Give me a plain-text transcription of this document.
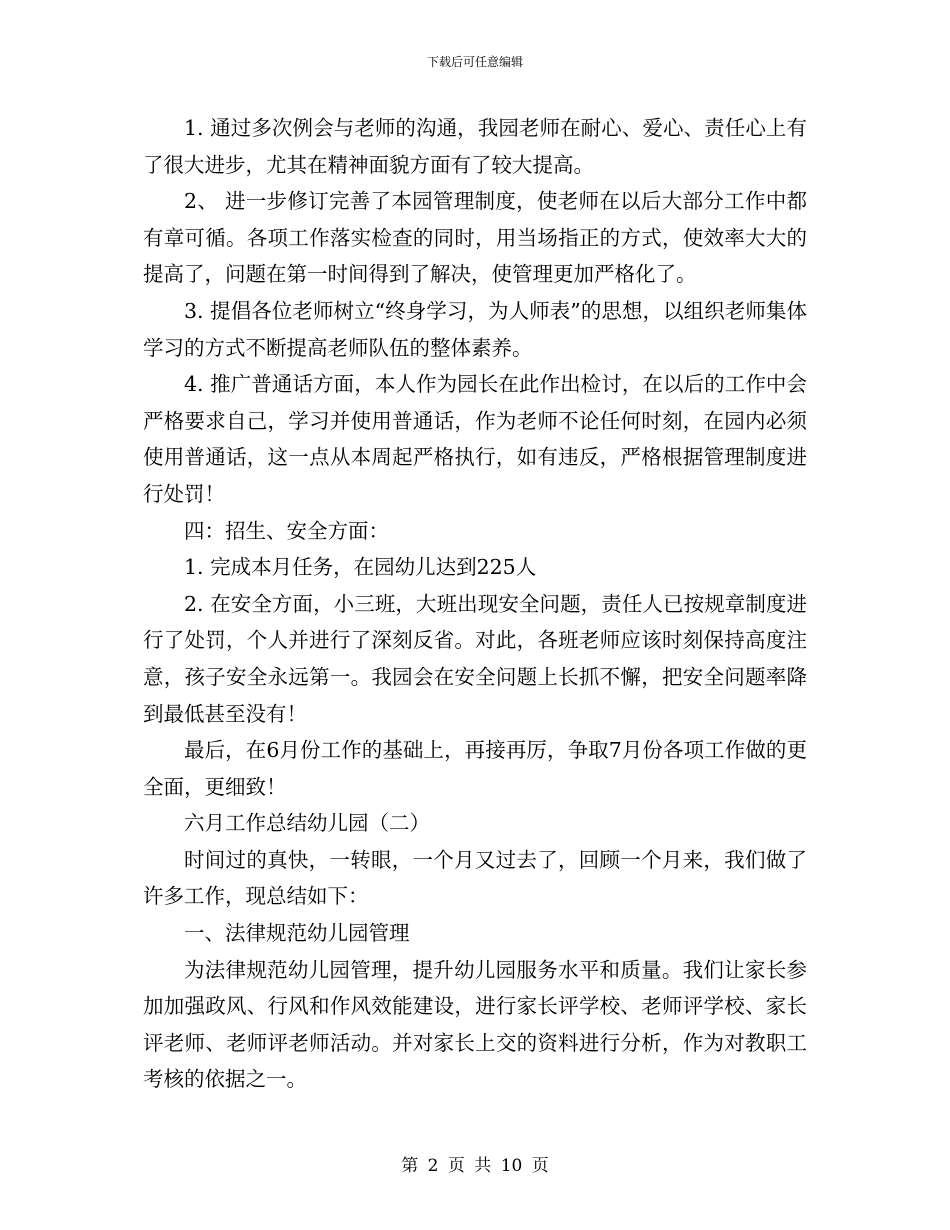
下载后可任意编辑

1. 通过多次例会与老师的沟通，我园老师在耐心、爱心、责任心上有了很大进步，尤其在精神面貌方面有了较大提高。

2、 进一步修订完善了本园管理制度，使老师在以后大部分工作中都有章可循。各项工作落实检查的同时，用当场指正的方式，使效率大大的提高了，问题在第一时间得到了解决，使管理更加严格化了。

3. 提倡各位老师树立“终身学习，为人师表”的思想，以组织老师集体学习的方式不断提高老师队伍的整体素养。

4. 推广普通话方面，本人作为园长在此作出检讨，在以后的工作中会严格要求自己，学习并使用普通话，作为老师不论任何时刻，在园内必须使用普通话，这一点从本周起严格执行，如有违反，严格根据管理制度进行处罚！

四：招生、安全方面：

1. 完成本月任务，在园幼儿达到225人

2. 在安全方面，小三班，大班出现安全问题，责任人已按规章制度进行了处罚，个人并进行了深刻反省。对此，各班老师应该时刻保持高度注意，孩子安全永远第一。我园会在安全问题上长抓不懈，把安全问题率降到最低甚至没有！

最后，在6月份工作的基础上，再接再厉，争取7月份各项工作做的更全面，更细致！

六月工作总结幼儿园（二）

时间过的真快，一转眼，一个月又过去了，回顾一个月来，我们做了许多工作，现总结如下：

一、法律规范幼儿园管理

为法律规范幼儿园管理，提升幼儿园服务水平和质量。我们让家长参加加强政风、行风和作风效能建设，进行家长评学校、老师评学校、家长评老师、老师评老师活动。并对家长上交的资料进行分析，作为对教职工考核的依据之一。

第 2 页 共 10 页
